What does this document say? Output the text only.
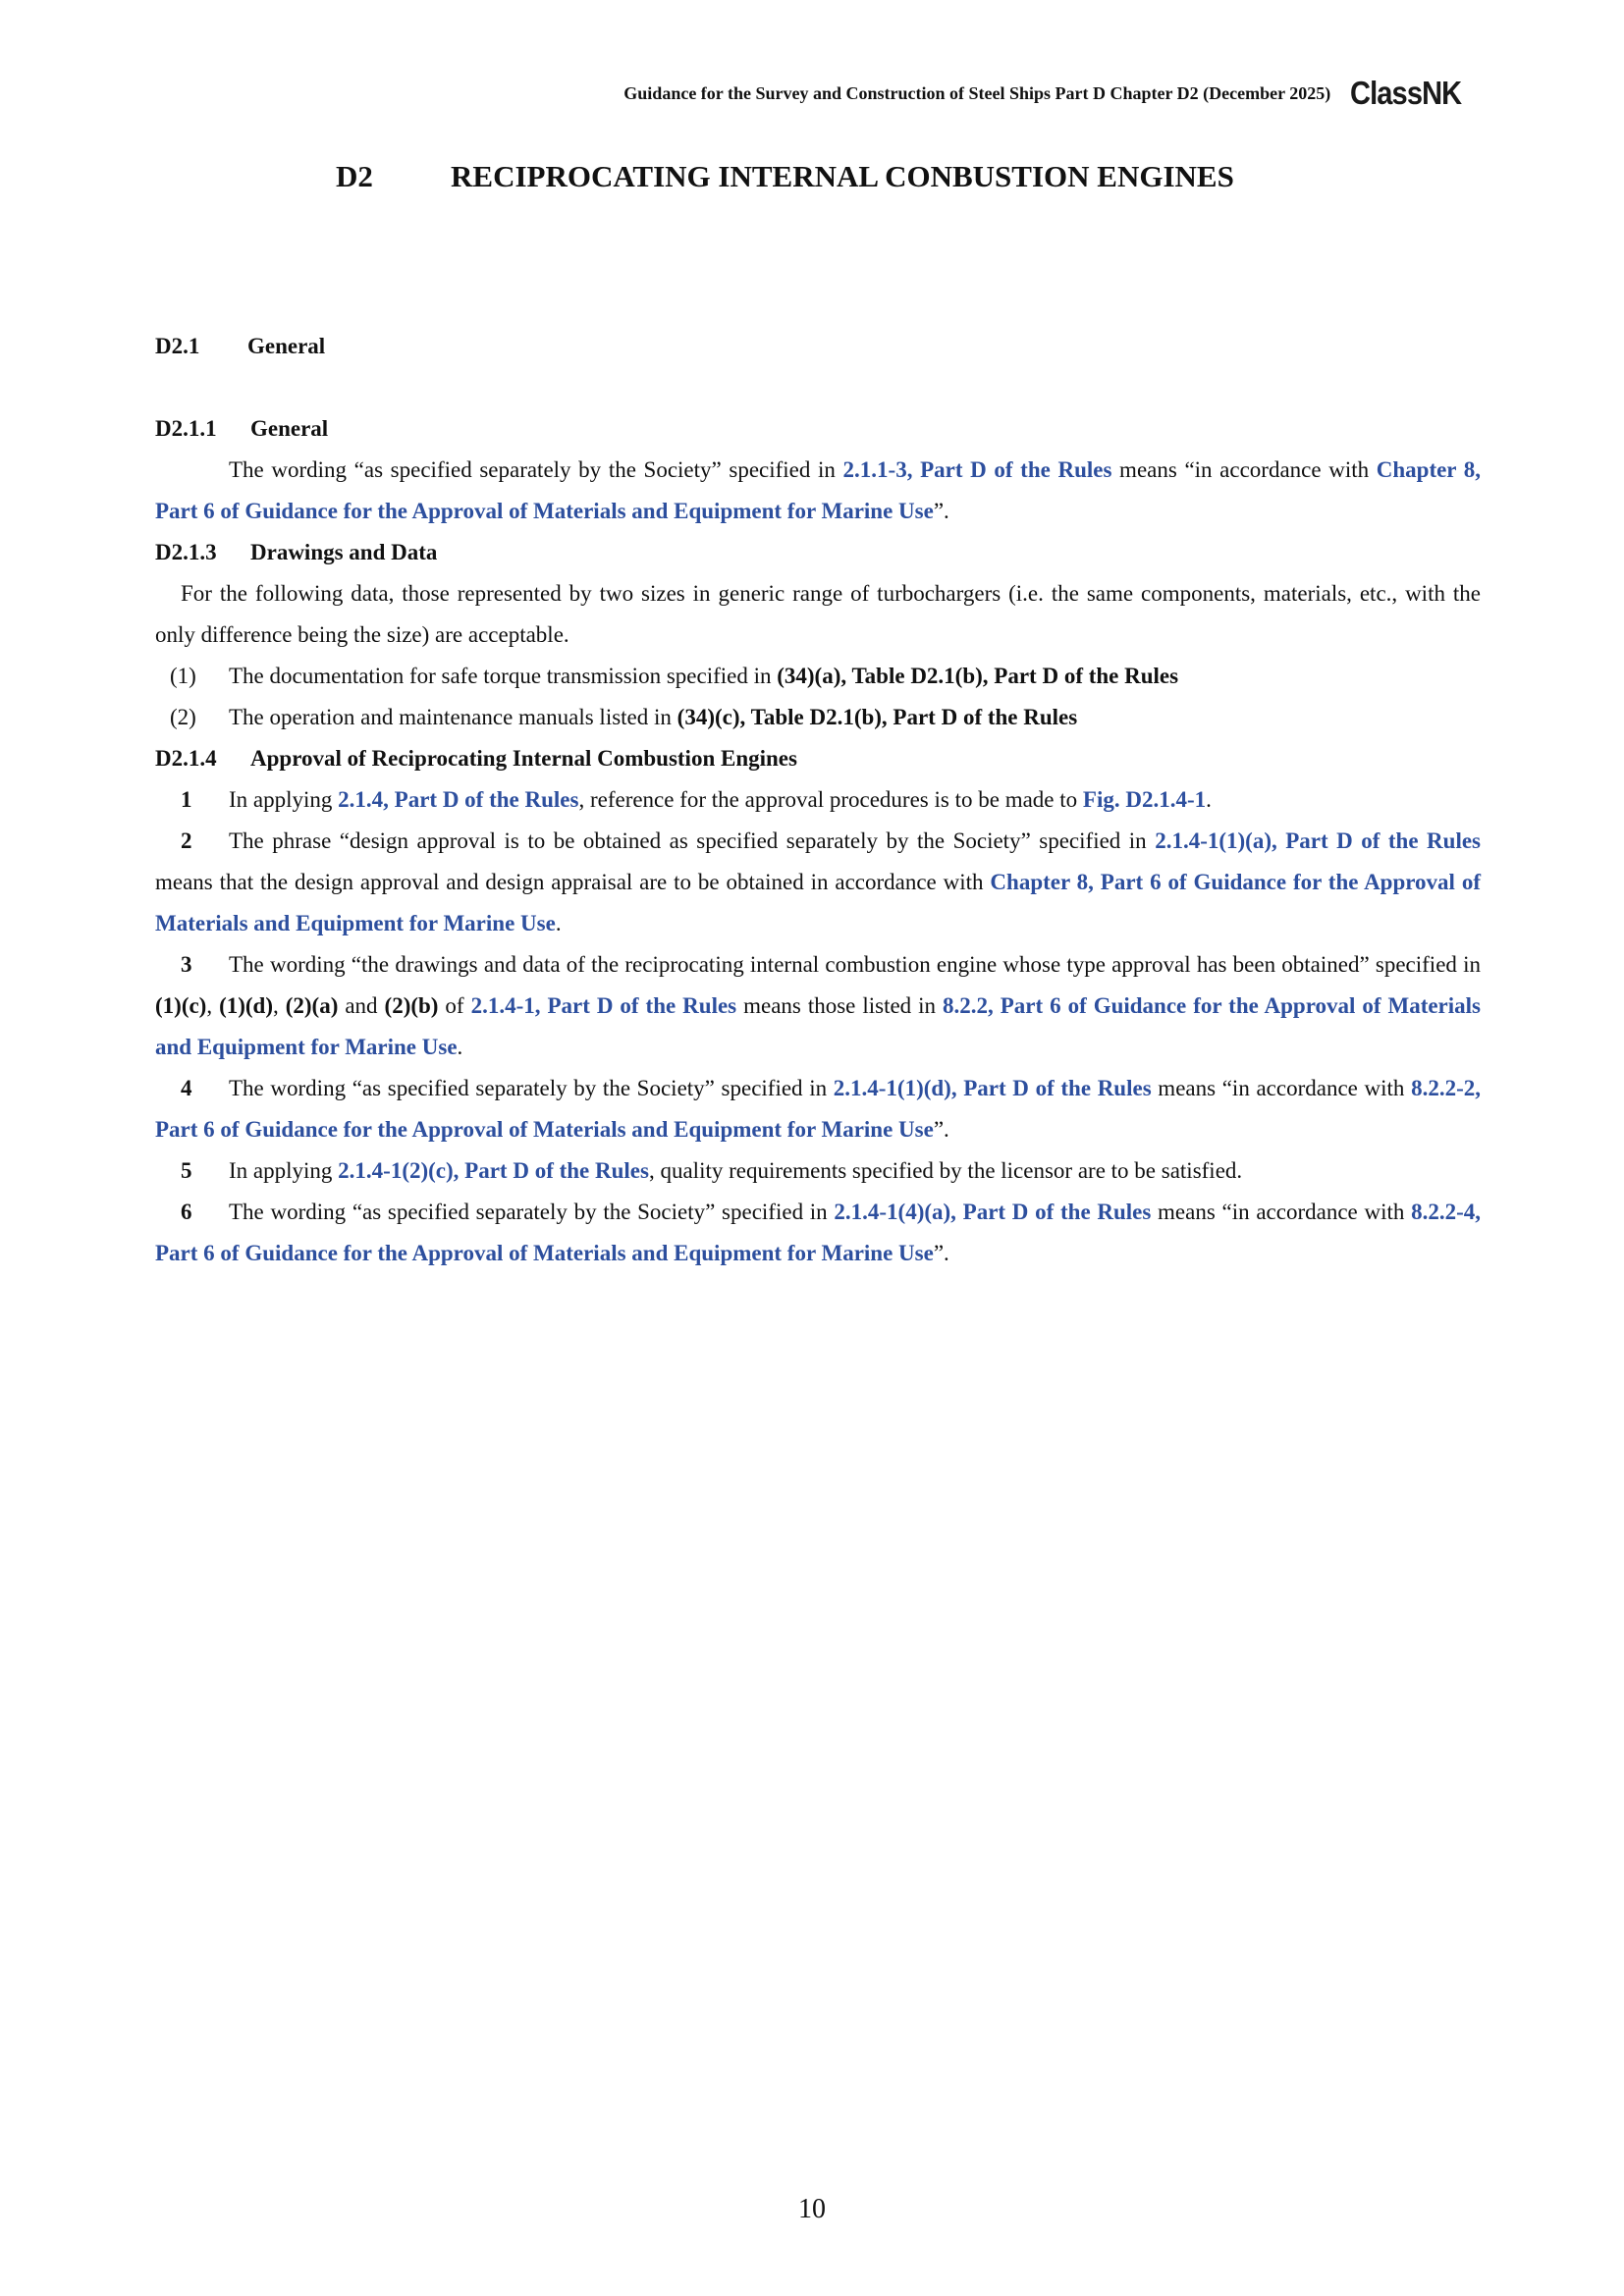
Guidance for the Survey and Construction of Steel Ships Part D Chapter D2 (December 2025) ClassNK
D2	RECIPROCATING INTERNAL CONBUSTION ENGINES
D2.1	General
D2.1.1	General

The wording “as specified separately by the Society” specified in 2.1.1-3, Part D of the Rules means “in accordance with Chapter 8, Part 6 of Guidance for the Approval of Materials and Equipment for Marine Use”.

D2.1.3	Drawings and Data

For the following data, those represented by two sizes in generic range of turbochargers (i.e. the same components, materials, etc., with the only difference being the size) are acceptable.

(1)	The documentation for safe torque transmission specified in (34)(a), Table D2.1(b), Part D of the Rules
(2)	The operation and maintenance manuals listed in (34)(c), Table D2.1(b), Part D of the Rules
D2.1.4	Approval of Reciprocating Internal Combustion Engines
1 In applying 2.1.4, Part D of the Rules, reference for the approval procedures is to be made to Fig. D2.1.4-1.
2 The phrase “design approval is to be obtained as specified separately by the Society” specified in 2.1.4-1(1)(a), Part D of the Rules means that the design approval and design appraisal are to be obtained in accordance with Chapter 8, Part 6 of Guidance for the Approval of Materials and Equipment for Marine Use.
3 The wording “the drawings and data of the reciprocating internal combustion engine whose type approval has been obtained” specified in (1)(c), (1)(d), (2)(a) and (2)(b) of 2.1.4-1, Part D of the Rules means those listed in 8.2.2, Part 6 of Guidance for the Approval of Materials and Equipment for Marine Use.
4 The wording “as specified separately by the Society” specified in 2.1.4-1(1)(d), Part D of the Rules means “in accordance with 8.2.2-2, Part 6 of Guidance for the Approval of Materials and Equipment for Marine Use”.
5 In applying 2.1.4-1(2)(c), Part D of the Rules, quality requirements specified by the licensor are to be satisfied.
6 The wording “as specified separately by the Society” specified in 2.1.4-1(4)(a), Part D of the Rules means “in accordance with 8.2.2-4, Part 6 of Guidance for the Approval of Materials and Equipment for Marine Use”.
10
